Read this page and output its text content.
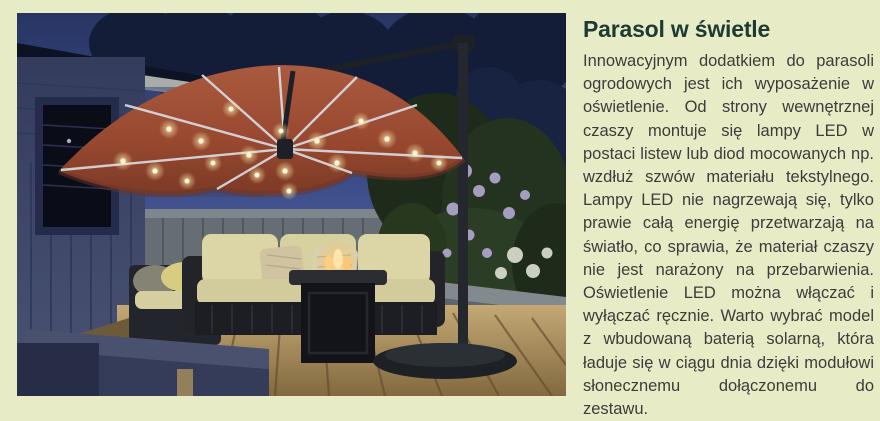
Parasol w świetle

Innowacyjnym dodatkiem do parasoli ogrodowych jest ich wyposażenie w oświetlenie. Od strony wewnętrznej czaszy montuje się lampy LED w postaci listew lub diod mocowanych np. wzdłuż szwów materiału tekstylnego. Lampy LED nie nagrzewają się, tylko prawie całą energię przetwarzają na światło, co sprawia, że materiał czaszy nie jest narażony na przebarwienia. Oświetlenie LED można włączać i wyłączać ręcznie. Warto wybrać model z wbudowaną baterią solarną, która ładuje się w ciągu dnia dzięki modułowi słonecznemu dołączonemu do zestawu.
